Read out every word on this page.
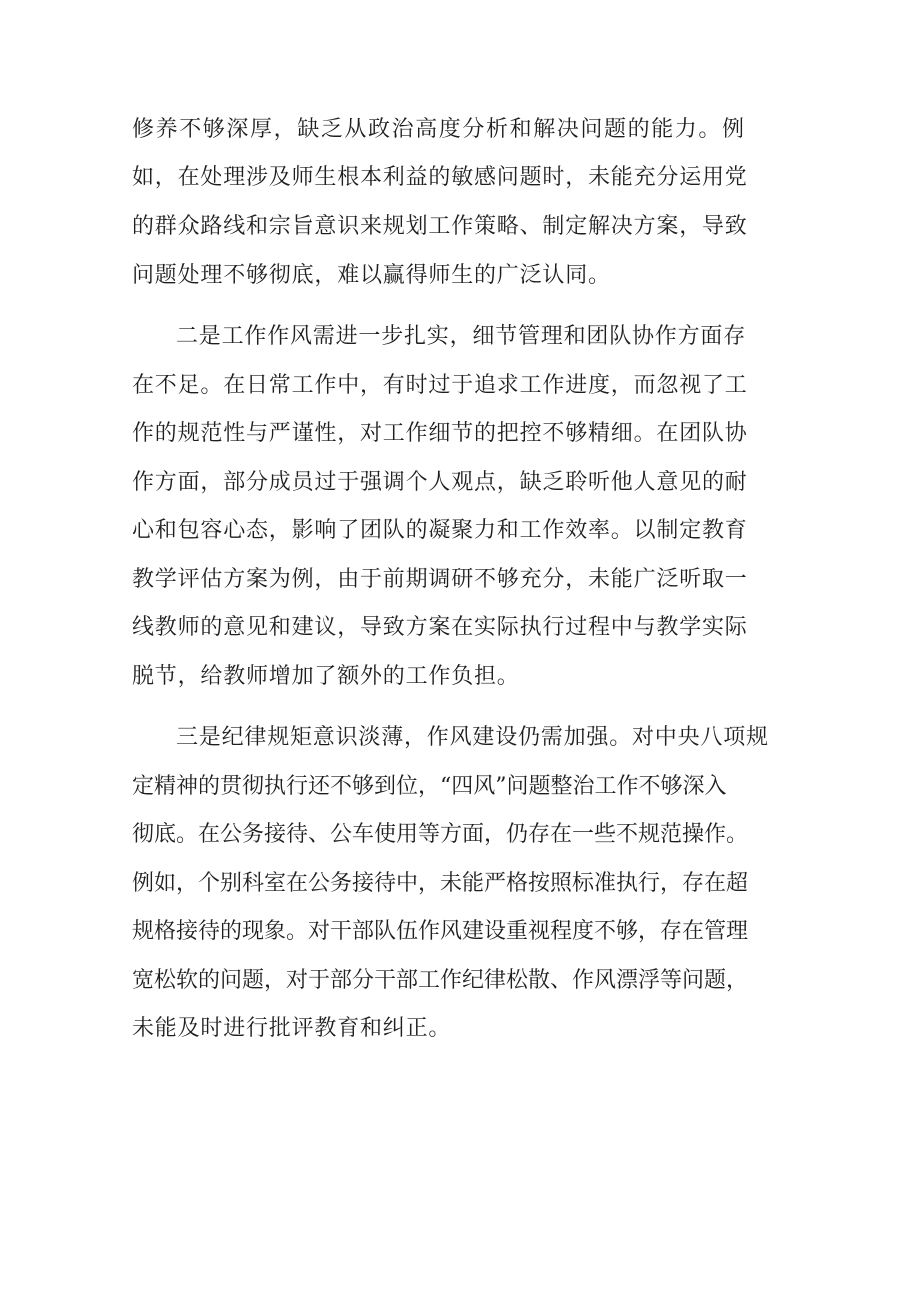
修养不够深厚，缺乏从政治高度分析和解决问题的能力。例
如，在处理涉及师生根本利益的敏感问题时，未能充分运用党
的群众路线和宗旨意识来规划工作策略、制定解决方案，导致
问题处理不够彻底，难以赢得师生的广泛认同。
二是工作作风需进一步扎实，细节管理和团队协作方面存
在不足。在日常工作中，有时过于追求工作进度，而忽视了工
作的规范性与严谨性，对工作细节的把控不够精细。在团队协
作方面，部分成员过于强调个人观点，缺乏聆听他人意见的耐
心和包容心态，影响了团队的凝聚力和工作效率。以制定教育
教学评估方案为例，由于前期调研不够充分，未能广泛听取一
线教师的意见和建议，导致方案在实际执行过程中与教学实际
脱节，给教师增加了额外的工作负担。
三是纪律规矩意识淡薄，作风建设仍需加强。对中央八项规
定精神的贯彻执行还不够到位，“四风”问题整治工作不够深入
彻底。在公务接待、公车使用等方面，仍存在一些不规范操作。
例如，个别科室在公务接待中，未能严格按照标准执行，存在超
规格接待的现象。对干部队伍作风建设重视程度不够，存在管理
宽松软的问题，对于部分干部工作纪律松散、作风漂浮等问题，
未能及时进行批评教育和纠正。
